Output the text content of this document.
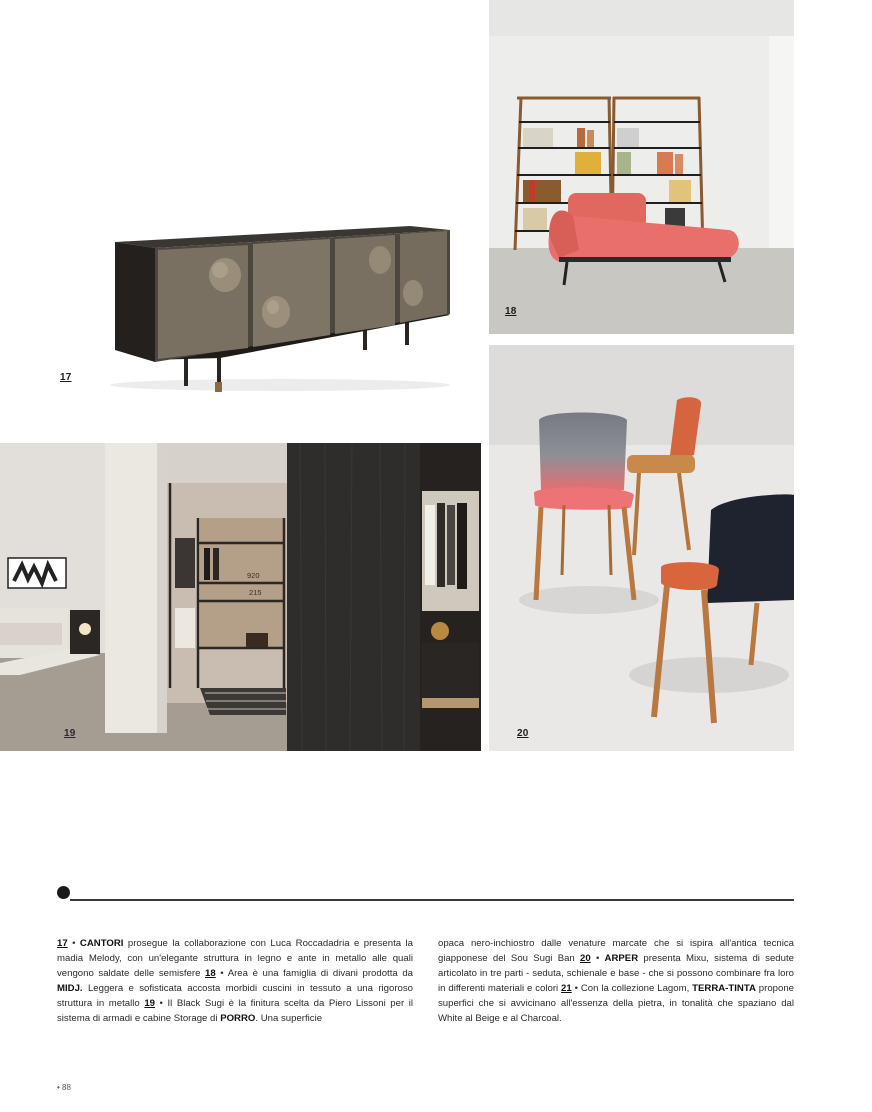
17
18
920
215
19	20
17 • CANTORI prosegue la collaborazione con Luca Roccadadria e presenta la madia Melody, con un'elegante struttura in legno e ante in metallo alle quali vengono saldate delle semisfere 18 • Area è una famiglia di divani prodotta da MIDJ. Leggera e sofisticata accosta morbidi cuscini in tessuto a una rigoroso struttura in metallo 19 • Il Black Sugi è la finitura scelta da Piero Lissoni per il sistema di armadi e cabine Storage di PORRO. Una superficie
opaca nero-inchiostro dalle venature marcate che si ispira all'antica tecnica giapponese del Sou Sugi Ban 20 • ARPER presenta Mixu, sistema di sedute articolato in tre parti - seduta, schienale e base - che si possono combinare fra loro in differenti materiali e colori 21 • Con la collezione Lagom, TERRA-TINTA propone superfici che si avvicinano all'essenza della pietra, in tonalità che spaziano dal White al Beige e al Charcoal.
• 88
